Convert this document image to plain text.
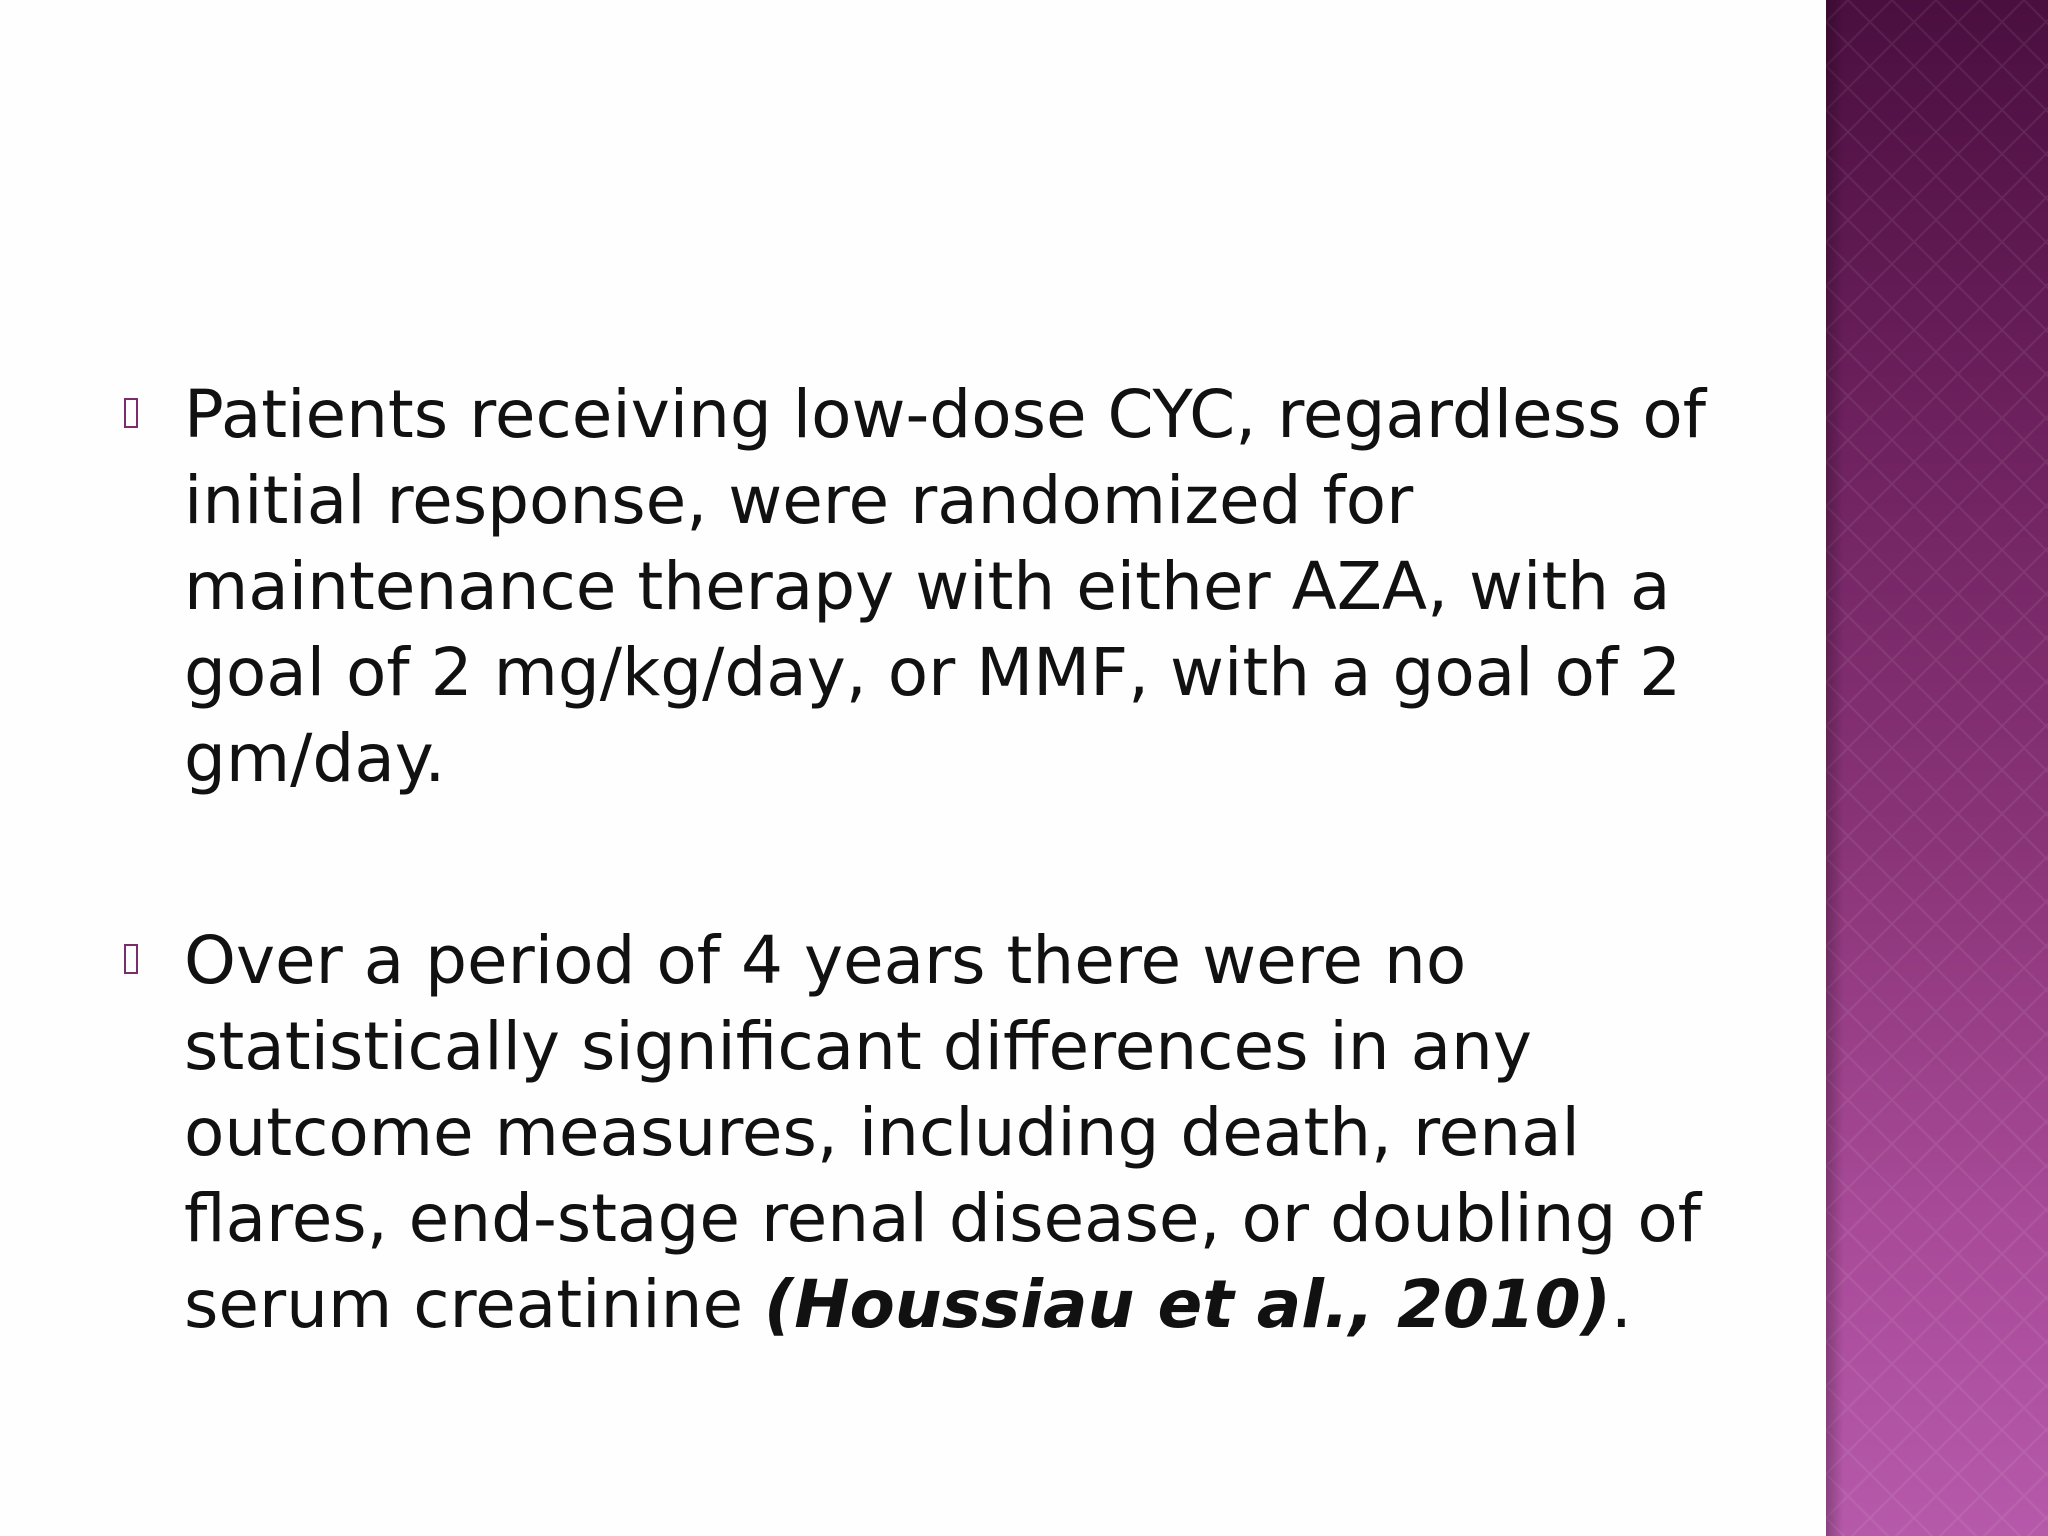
Patients receiving low-dose CYC, regardless of initial response, were randomized for maintenance therapy with either AZA, with a goal of 2 mg/kg/day, or MMF, with a goal of 2 gm/day.
Over a period of 4 years there were no statistically significant differences in any outcome measures, including death, renal flares, end-stage renal disease, or doubling of serum creatinine (Houssiau et al., 2010).
